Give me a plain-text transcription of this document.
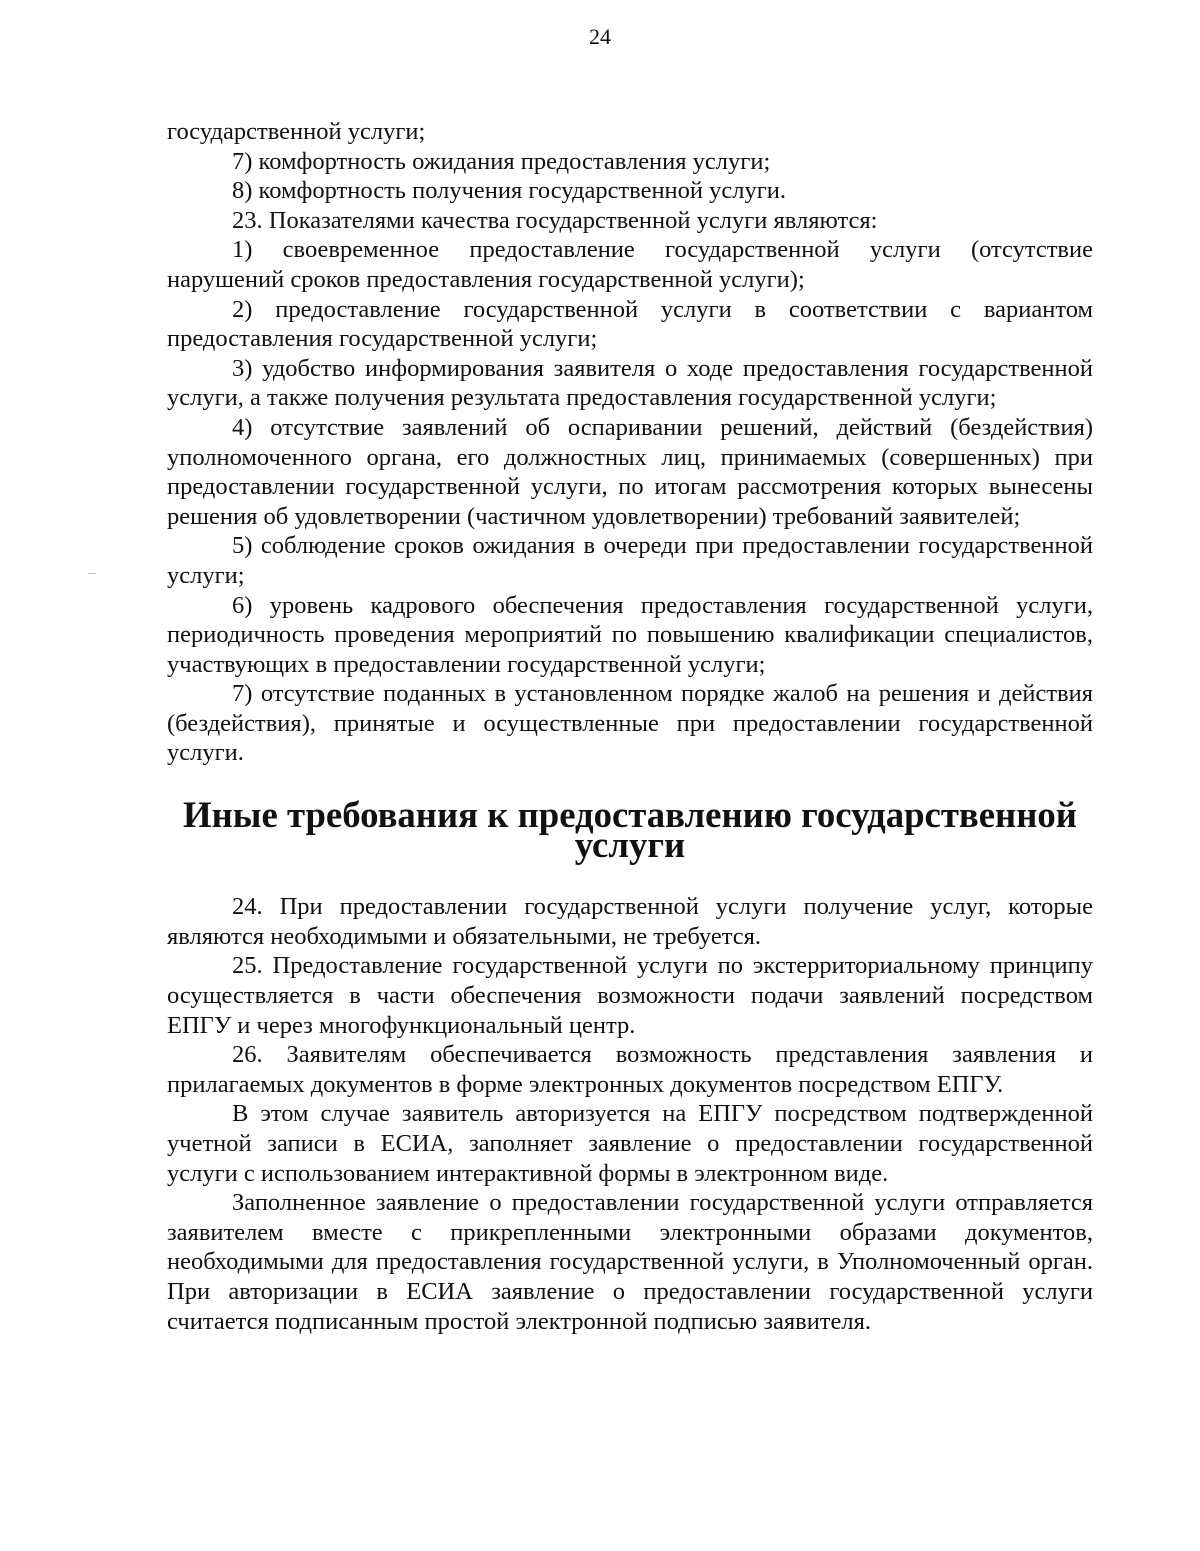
24

государственной услуги;

7) комфортность ожидания предоставления услуги;

8) комфортность получения государственной услуги.

23. Показателями качества государственной услуги являются:

1) своевременное предоставление государственной услуги (отсутствие нарушений сроков предоставления государственной услуги);

2) предоставление государственной услуги в соответствии с вариантом предоставления государственной услуги;

3) удобство информирования заявителя о ходе предоставления государственной услуги, а также получения результата предоставления государственной услуги;

4) отсутствие заявлений об оспаривании решений, действий (бездействия) уполномоченного органа, его должностных лиц, принимаемых (совершенных) при предоставлении государственной услуги, по итогам рассмотрения которых вынесены решения об удовлетворении (частичном удовлетворении) требований заявителей;

5) соблюдение сроков ожидания в очереди при предоставлении государственной услуги;

6) уровень кадрового обеспечения предоставления государственной услуги, периодичность проведения мероприятий по повышению квалификации специалистов, участвующих в предоставлении государственной услуги;

7) отсутствие поданных в установленном порядке жалоб на решения и действия (бездействия), принятые и осуществленные при предоставлении государственной услуги.

Иные требования к предоставлению государственной услуги

24. При предоставлении государственной услуги получение услуг, которые являются необходимыми и обязательными, не требуется.

25. Предоставление государственной услуги по экстерриториальному принципу осуществляется в части обеспечения возможности подачи заявлений посредством ЕПГУ и через многофункциональный центр.

26. Заявителям обеспечивается возможность представления заявления и прилагаемых документов в форме электронных документов посредством ЕПГУ.

В этом случае заявитель авторизуется на ЕПГУ посредством подтвержденной учетной записи в ЕСИА, заполняет заявление о предоставлении государственной услуги с использованием интерактивной формы в электронном виде.

Заполненное заявление о предоставлении государственной услуги отправляется заявителем вместе с прикрепленными электронными образами документов, необходимыми для предоставления государственной услуги, в Уполномоченный орган. При авторизации в ЕСИА заявление о предоставлении государственной услуги считается подписанным простой электронной подписью заявителя.
